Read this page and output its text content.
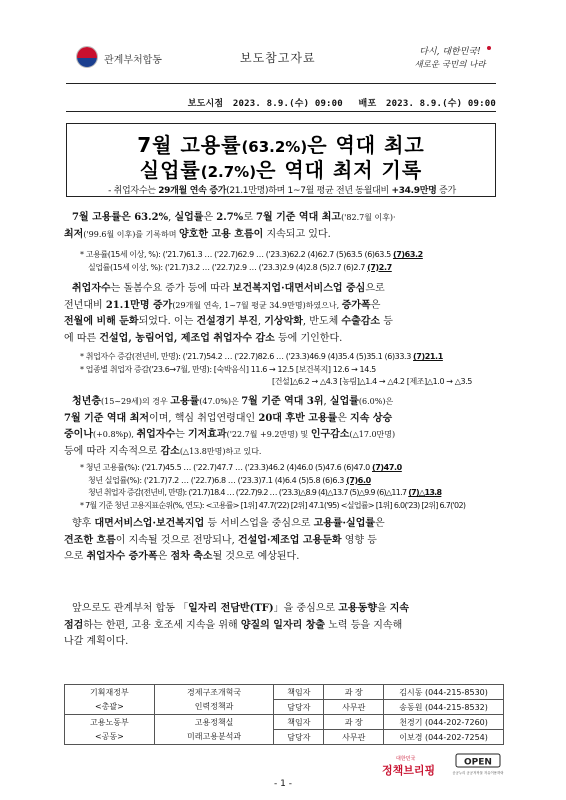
관계부처합동	보도참고자료	다시, 대한민국!
새로운 국민의 나라
보도시점 2023. 8.9.(수) 09:00 배포 2023. 8.9.(수) 09:00
7월 고용률(63.2%)은 역대 최고
실업률(2.7%)은 역대 최저 기록
- 취업자수는 29개월 연속 증가(21.1만명)하며 1~7월 평균 전년 동월대비 +34.9만명 증가
7월 고용률은 63.2%, 실업률은 2.7%로 7월 기준 역대 최고('82.7월 이후)·
최저('99.6월 이후)를 기록하며 양호한 고용 흐름이 지속되고 있다.
* 고용률(15세 이상, %): ('21.7)61.3 … ('22.7)62.9 … ('23.3)62.2 (4)62.7 (5)63.5 (6)63.5 (7)63.2
실업률(15세 이상, %): ('21.7)3.2 … ('22.7)2.9 … ('23.3)2.9 (4)2.8 (5)2.7 (6)2.7 (7)2.7
취업자수는 돌봄수요 증가 등에 따라 보건복지업·대면서비스업 중심으로
전년대비 21.1만명 증가(29개월 연속, 1~7월 평균 34.9만명)하였으나, 증가폭은
전월에 비해 둔화되었다. 이는 건설경기 부진, 기상악화, 반도체 수출감소 등
에 따른 건설업, 농림어업, 제조업 취업자수 감소 등에 기인한다.
* 취업자수 증감(전년비, 만명): ('21.7)54.2 … ('22.7)82.6 … ('23.3)46.9 (4)35.4 (5)35.1 (6)33.3 (7)21.1
* 업종별 취업자 증감('23.6→7월, 만명): [숙박음식] 11.6 → 12.5 [보건복지] 12.6 → 14.5
[건설]△6.2 → △4.3 [농림]△1.4 → △4.2 [제조]△1.0 → △3.5
청년층(15~29세)의 경우 고용률(47.0%)은 7월 기준 역대 3위, 실업률(6.0%)은
7월 기준 역대 최저이며, 핵심 취업연령대인 20대 후반 고용률은 지속 상승
중이나(+0.8%p), 취업자수는 기저효과('22.7월 +9.2만명) 및 인구감소(△17.0만명)
등에 따라 지속적으로 감소(△13.8만명)하고 있다.
* 청년 고용률(%): ('21.7)45.5 … ('22.7)47.7 … ('23.3)46.2 (4)46.0 (5)47.6 (6)47.0 (7)47.0
청년 실업률(%): ('21.7)7.2 … ('22.7)6.8 … ('23.3)7.1 (4)6.4 (5)5.8 (6)6.3 (7)6.0
청년 취업자 증감(전년비, 만명): ('21.7)18.4 … ('22.7)9.2 … ('23.3)△8.9 (4)△13.7 (5)△9.9 (6)△11.7 (7)△13.8
* 7월 기준 청년 고용지표순위(%, 연도): <고용률> [1위] 47.7('22) [2위] 47.1('95) <실업률> [1위] 6.0('23) [2위] 6.7('02)
향후 대면서비스업·보건복지업 등 서비스업을 중심으로 고용률·실업률은
견조한 흐름이 지속될 것으로 전망되나, 건설업·제조업 고용둔화 영향 등
으로 취업자수 증가폭은 점차 축소될 것으로 예상된다.
앞으로도 관계부처 합동 「일자리 전담반(TF)」을 중심으로 고용동향을 지속
점검하는 한편, 고용 호조세 지속을 위해 양질의 일자리 창출 노력 등을 지속해
나갈 계획이다.
기획재정부	경제구조개혁국	책임자	과 장	김시동 (044-215-8530)
<총괄>	인력정책과	담당자	사무관	송동원 (044-215-8532)
고용노동부	고용정책실	책임자	과 장	천경기 (044-202-7260)
<공동>	미래고용분석과	담당자	사무관	이보경 (044-202-7254)
대한민국
정책브리핑
OPEN
공공누리 공공저작물 자유이용허락
- 1 -
